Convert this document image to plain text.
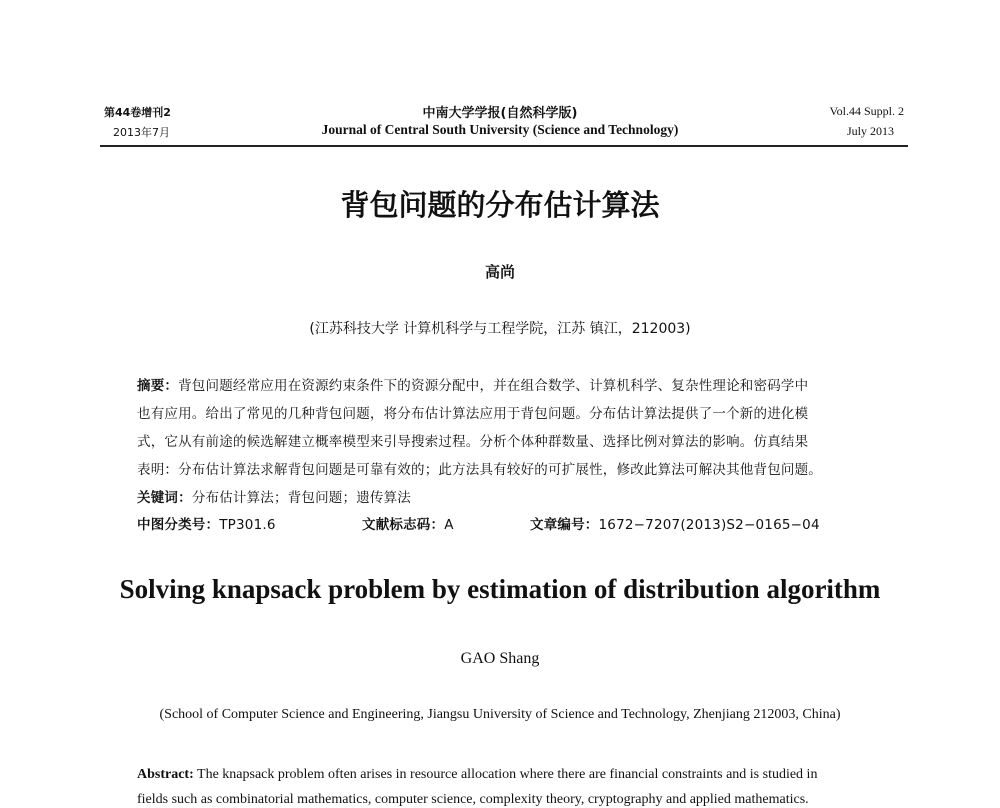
第44卷增刊2
2013年7月
中南大学学报(自然科学版)
Journal of Central South University (Science and Technology)
Vol.44 Suppl. 2
July 2013
背包问题的分布估计算法
高尚
(江苏科技大学 计算机科学与工程学院，江苏 镇江，212003)
摘要：背包问题经常应用在资源约束条件下的资源分配中，并在组合数学、计算机科学、复杂性理论和密码学中
也有应用。给出了常见的几种背包问题，将分布估计算法应用于背包问题。分布估计算法提供了一个新的进化模
式，它从有前途的候选解建立概率模型来引导搜索过程。分析个体种群数量、选择比例对算法的影响。仿真结果
表明：分布估计算法求解背包问题是可靠有效的；此方法具有较好的可扩展性，修改此算法可解决其他背包问题。
关键词：分布估计算法；背包问题；遗传算法
中图分类号：TP301.6	文献标志码：A	文章编号：1672−7207(2013)S2−0165−04
Solving knapsack problem by estimation of distribution algorithm
GAO Shang
(School of Computer Science and Engineering, Jiangsu University of Science and Technology, Zhenjiang 212003, China)
Abstract: The knapsack problem often arises in resource allocation where there are financial constraints and is studied in
fields such as combinatorial mathematics, computer science, complexity theory, cryptography and applied mathematics.
